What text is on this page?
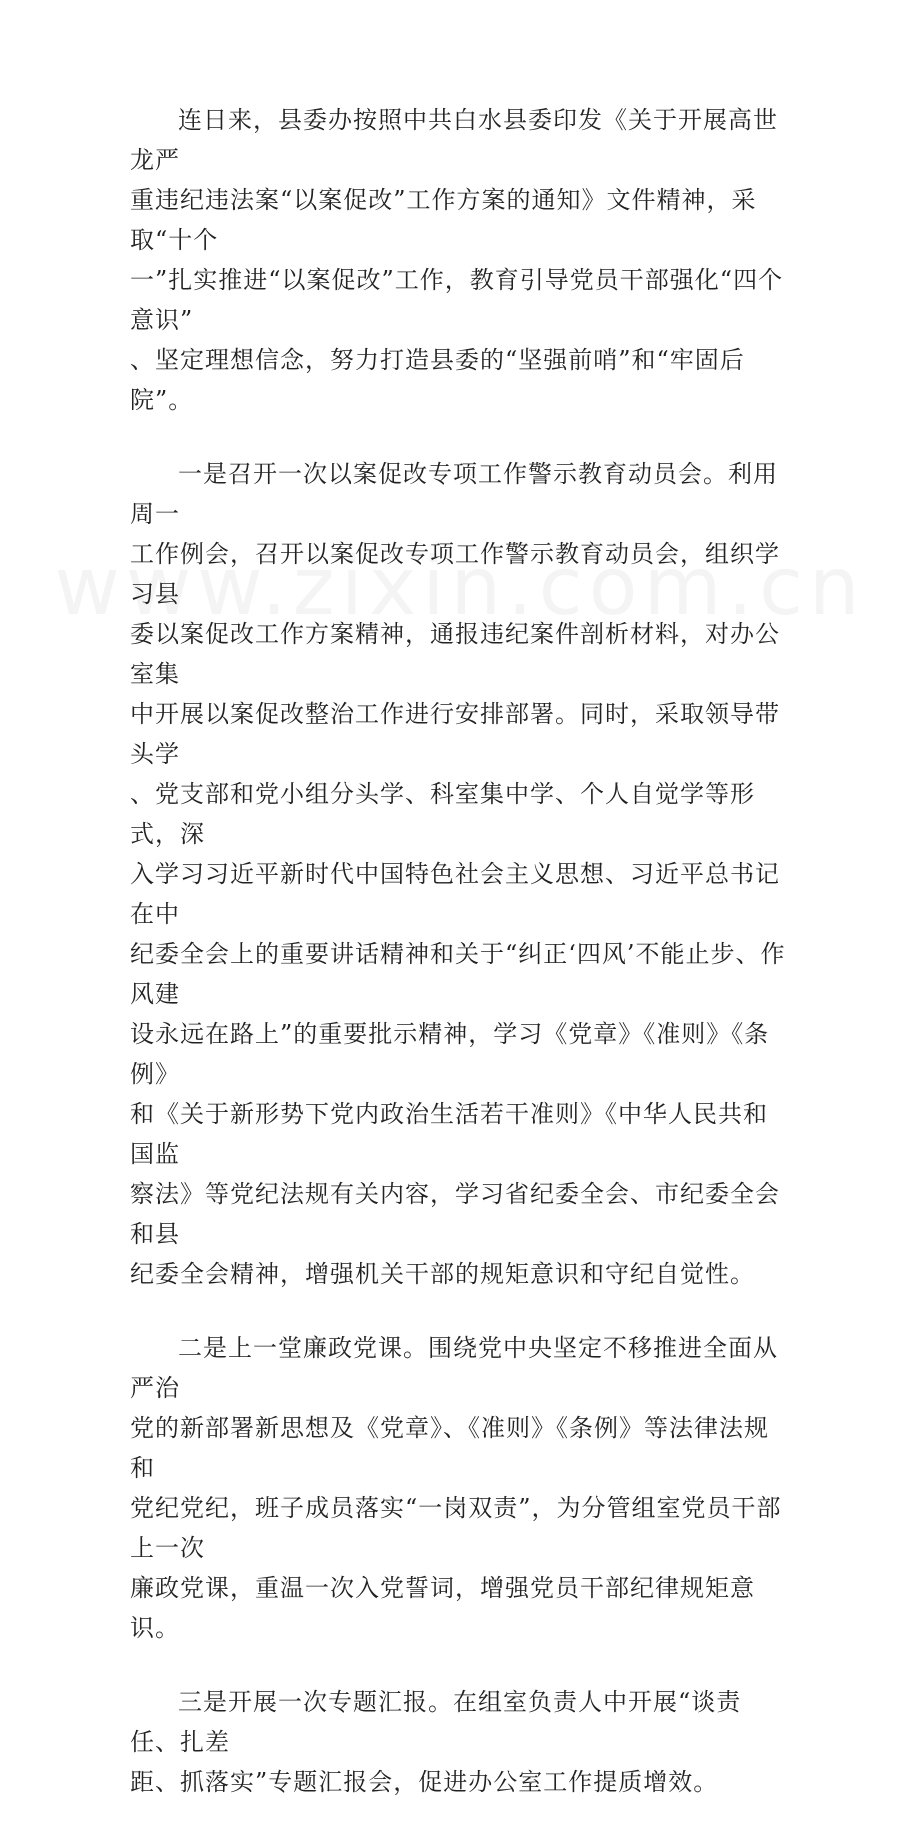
连日来，县委办按照中共白水县委印发《关于开展高世龙严
重违纪违法案“以案促改”工作方案的通知》文件精神，采取“十个
一”扎实推进“以案促改”工作，教育引导党员干部强化“四个意识”
、坚定理想信念，努力打造县委的“坚强前哨”和“牢固后院”。

一是召开一次以案促改专项工作警示教育动员会。利用周一
工作例会，召开以案促改专项工作警示教育动员会，组织学习县
委以案促改工作方案精神，通报违纪案件剖析材料，对办公室集
中开展以案促改整治工作进行安排部署。同时，采取领导带头学
、党支部和党小组分头学、科室集中学、个人自觉学等形式，深
入学习习近平新时代中国特色社会主义思想、习近平总书记在中
纪委全会上的重要讲话精神和关于“纠正‘四风’不能止步、作风建
设永远在路上”的重要批示精神，学习《党章》《准则》《条例》
和《关于新形势下党内政治生活若干准则》《中华人民共和国监
察法》等党纪法规有关内容，学习省纪委全会、市纪委全会和县
纪委全会精神，增强机关干部的规矩意识和守纪自觉性。

二是上一堂廉政党课。围绕党中央坚定不移推进全面从严治
党的新部署新思想及《党章》、《准则》《条例》等法律法规和
党纪党纪，班子成员落实“一岗双责”，为分管组室党员干部上一次
廉政党课，重温一次入党誓词，增强党员干部纪律规矩意识。

三是开展一次专题汇报。在组室负责人中开展“谈责任、扎差
距、抓落实”专题汇报会，促进办公室工作提质增效。
